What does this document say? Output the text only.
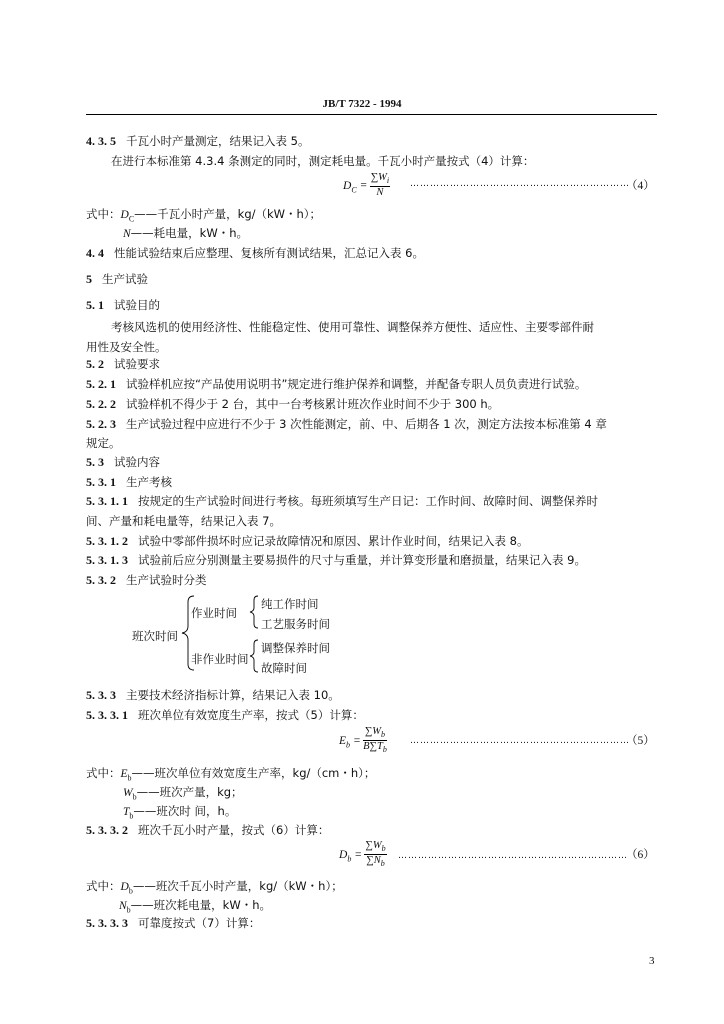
JB/T 7322 - 1994
4. 3. 5 千瓦小时产量测定，结果记入表 5。
在进行本标准第 4.3.4 条测定的同时，测定耗电量。千瓦小时产量按式（4）计算：
$D_C = \frac{\sum W_i}{N}$ …………………………………………………………
（4）
式中：$D_C——$千瓦小时产量，kg/（kW・h）；
N——耗电量，kW・h。
4. 4 性能试验结束后应整理、复核所有测试结果，汇总记入表 6。
5 生产试验
5. 1 试验目的
考核风选机的使用经济性、性能稳定性、使用可靠性、调整保养方便性、适应性、主要零部件耐
用性及安全性。
5. 2 试验要求
5. 2. 1 试验样机应按“产品使用说明书”规定进行维护保养和调整，并配备专职人员负责进行试验。
5. 2. 2 试验样机不得少于 2 台，其中一台考核累计班次作业时间不少于 300 h。
5. 2. 3 生产试验过程中应进行不少于 3 次性能测定，前、中、后期各 1 次，测定方法按本标准第 4 章
规定。
5. 3 试验内容
5. 3. 1 生产考核
5. 3. 1. 1 按规定的生产试验时间进行考核。每班须填写生产日记：工作时间、故障时间、调整保养时
间、产量和耗电量等，结果记入表 7。
5. 3. 1. 2 试验中零部件损坏时应记录故障情况和原因、累计作业时间，结果记入表 8。
5. 3. 1. 3 试验前后应分别测量主要易损件的尺寸与重量，并计算变形量和磨损量，结果记入表 9。
5. 3. 2 生产试验时分类
班次时间
作业时间
纯工作时间
工艺服务时间
非作业时间
调整保养时间
故障时间
5. 3. 3 主要技术经济指标计算，结果记入表 10。
5. 3. 3. 1 班次单位有效宽度生产率，按式（5）计算：
$E_b = \frac{\sum W_b}{B\sum T_b}$	…………………………………………………………
（5）
式中：$E_b——$班次单位有效宽度生产率，kg/（cm・h）；
$W_b——$班次产量，kg；
$T_b——$班次时 间，h。
5. 3. 3. 2 班次千瓦小时产量，按式（6）计算：
$D_b = \frac{\sum W_b}{\sum N_b}$ ……………………………………………………………
（6）
式中：$D_b——$班次千瓦小时产量，kg/（kW・h）；
$N_b——$班次耗电量，kW・h。
5. 3. 3. 3 可靠度按式（7）计算：
3
